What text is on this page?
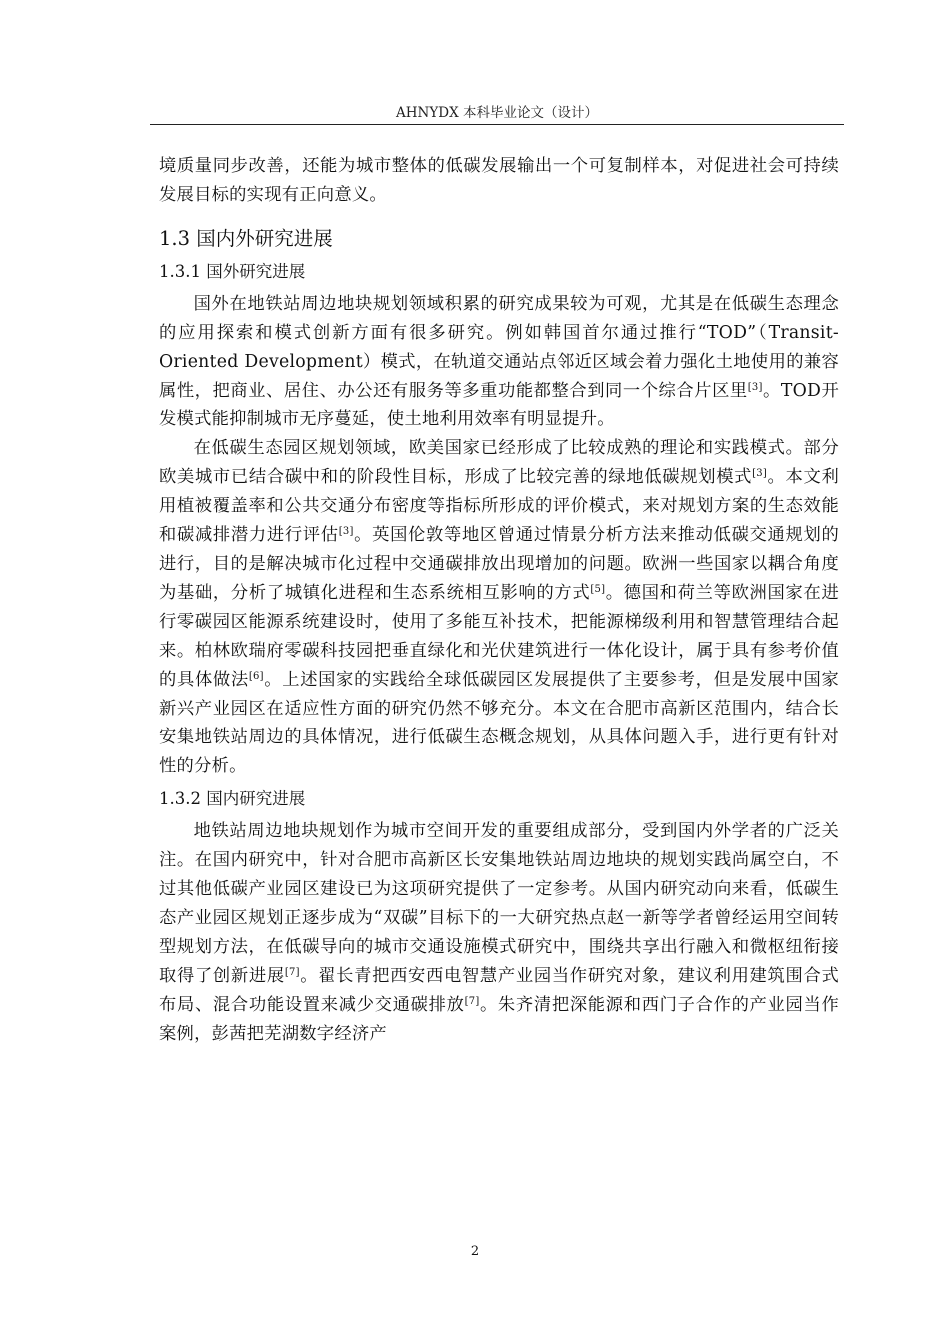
AHNYDX 本科毕业论文（设计）

境质量同步改善，还能为城市整体的低碳发展输出一个可复制样本，对促进社会可持续发展目标的实现有正向意义。

1.3 国内外研究进展
1.3.1 国外研究进展

国外在地铁站周边地块规划领域积累的研究成果较为可观，尤其是在低碳生态理念的应用探索和模式创新方面有很多研究。例如韩国首尔通过推行“TOD”（Transit-Oriented Development）模式，在轨道交通站点邻近区域会着力强化土地使用的兼容属性，把商业、居住、办公还有服务等多重功能都整合到同一个综合片区里[3]。TOD开发模式能抑制城市无序蔓延，使土地利用效率有明显提升。

在低碳生态园区规划领域，欧美国家已经形成了比较成熟的理论和实践模式。部分欧美城市已结合碳中和的阶段性目标，形成了比较完善的绿地低碳规划模式[3]。本文利用植被覆盖率和公共交通分布密度等指标所形成的评价模式，来对规划方案的生态效能和碳减排潜力进行评估[3]。英国伦敦等地区曾通过情景分析方法来推动低碳交通规划的进行，目的是解决城市化过程中交通碳排放出现增加的问题。欧洲一些国家以耦合角度为基础，分析了城镇化进程和生态系统相互影响的方式[5]。德国和荷兰等欧洲国家在进行零碳园区能源系统建设时，使用了多能互补技术，把能源梯级利用和智慧管理结合起来。柏林欧瑞府零碳科技园把垂直绿化和光伏建筑进行一体化设计，属于具有参考价值的具体做法[6]。上述国家的实践给全球低碳园区发展提供了主要参考，但是发展中国家新兴产业园区在适应性方面的研究仍然不够充分。本文在合肥市高新区范围内，结合长安集地铁站周边的具体情况，进行低碳生态概念规划，从具体问题入手，进行更有针对性的分析。

1.3.2 国内研究进展

地铁站周边地块规划作为城市空间开发的重要组成部分，受到国内外学者的广泛关注。在国内研究中，针对合肥市高新区长安集地铁站周边地块的规划实践尚属空白，不过其他低碳产业园区建设已为这项研究提供了一定参考。从国内研究动向来看，低碳生态产业园区规划正逐步成为“双碳”目标下的一大研究热点赵一新等学者曾经运用空间转型规划方法，在低碳导向的城市交通设施模式研究中，围绕共享出行融入和微枢纽衔接取得了创新进展[7]。翟长青把西安西电智慧产业园当作研究对象，建议利用建筑围合式布局、混合功能设置来减少交通碳排放[7]。朱齐清把深能源和西门子合作的产业园当作案例，彭茜把芜湖数字经济产

2
